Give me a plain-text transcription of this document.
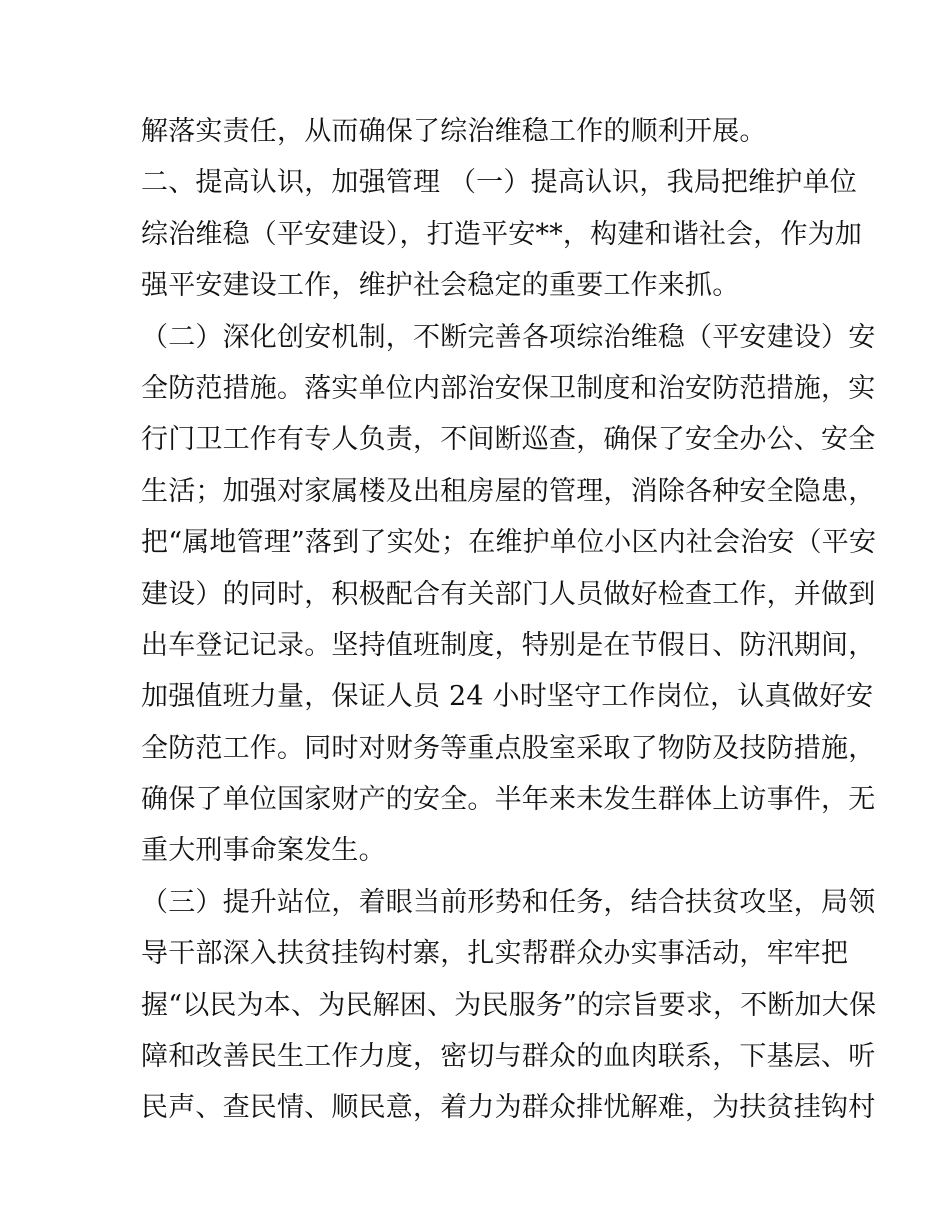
解落实责任，从而确保了综治维稳工作的顺利开展。
二、提高认识，加强管理 （一）提高认识，我局把维护单位
综治维稳（平安建设），打造平安**，构建和谐社会，作为加
强平安建设工作，维护社会稳定的重要工作来抓。
（二）深化创安机制，不断完善各项综治维稳（平安建设）安
全防范措施。落实单位内部治安保卫制度和治安防范措施，实
行门卫工作有专人负责，不间断巡查，确保了安全办公、安全
生活；加强对家属楼及出租房屋的管理，消除各种安全隐患，
把“属地管理”落到了实处；在维护单位小区内社会治安（平安
建设）的同时，积极配合有关部门人员做好检查工作，并做到
出车登记记录。坚持值班制度，特别是在节假日、防汛期间，
加强值班力量，保证人员 24 小时坚守工作岗位，认真做好安
全防范工作。同时对财务等重点股室采取了物防及技防措施，
确保了单位国家财产的安全。半年来未发生群体上访事件，无
重大刑事命案发生。
（三）提升站位，着眼当前形势和任务，结合扶贫攻坚，局领
导干部深入扶贫挂钩村寨，扎实帮群众办实事活动，牢牢把
握“以民为本、为民解困、为民服务”的宗旨要求，不断加大保
障和改善民生工作力度，密切与群众的血肉联系，下基层、听
民声、查民情、顺民意，着力为群众排忧解难，为扶贫挂钩村
